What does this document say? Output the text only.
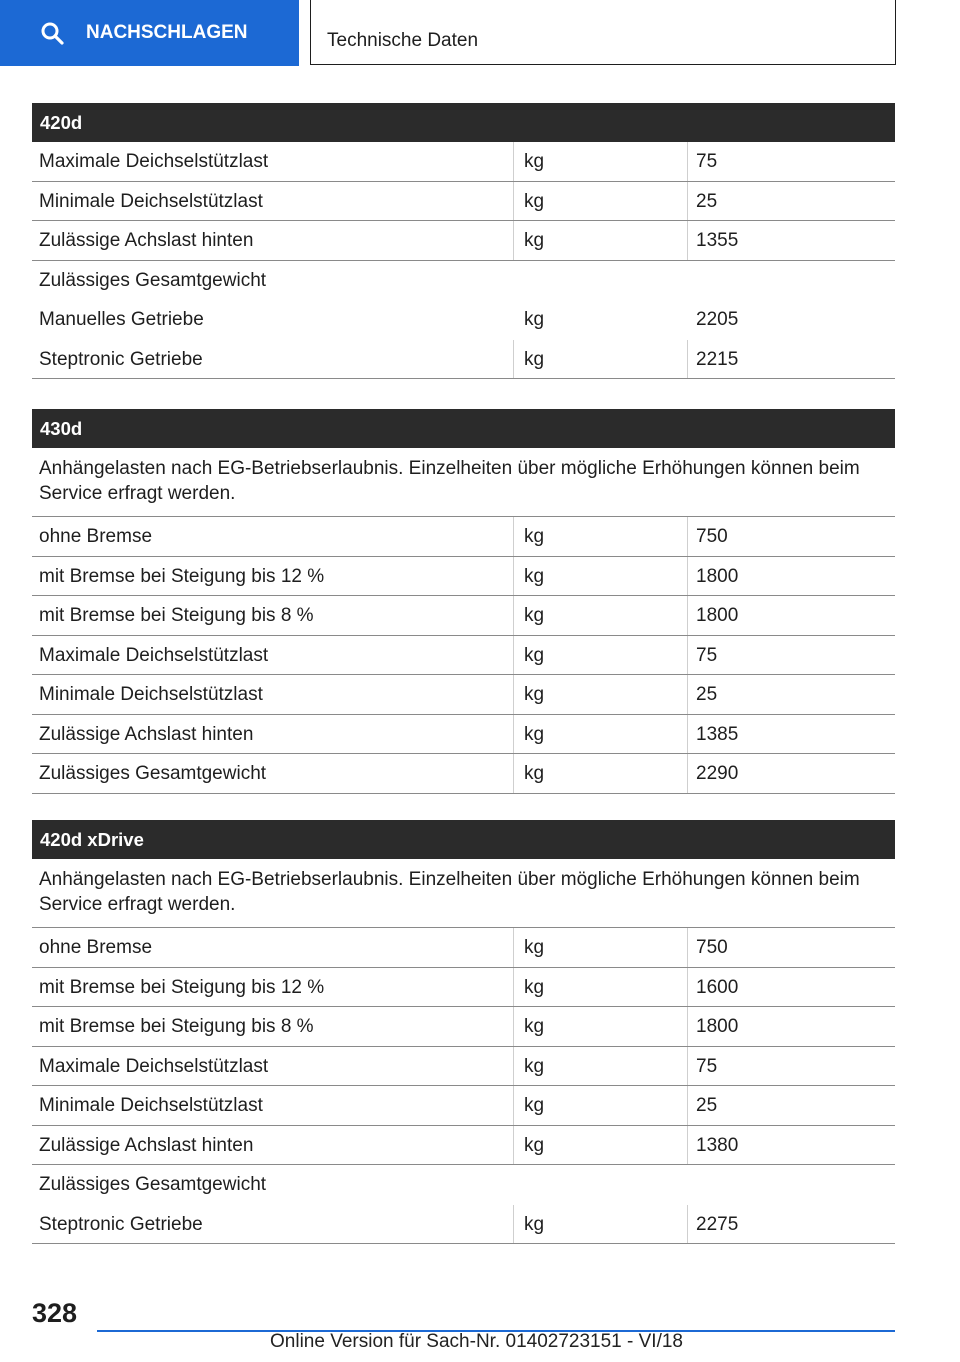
NACHSCHLAGEN	Technische Daten
420d
Maximale Deichselstützlast	kg	75
Minimale Deichselstützlast	kg	25
Zulässige Achslast hinten	kg	1355
Zulässiges Gesamtgewicht
Manuelles Getriebe	kg	2205
Steptronic Getriebe	kg	2215
430d
Anhängelasten nach EG-Betriebserlaubnis. Einzelheiten über mögliche Erhöhungen können beim Service erfragt werden.
ohne Bremse	kg	750
mit Bremse bei Steigung bis 12 %	kg	1800
mit Bremse bei Steigung bis 8 %	kg	1800
Maximale Deichselstützlast	kg	75
Minimale Deichselstützlast	kg	25
Zulässige Achslast hinten	kg	1385
Zulässiges Gesamtgewicht	kg	2290
420d xDrive
Anhängelasten nach EG-Betriebserlaubnis. Einzelheiten über mögliche Erhöhungen können beim Service erfragt werden.
ohne Bremse	kg	750
mit Bremse bei Steigung bis 12 %	kg	1600
mit Bremse bei Steigung bis 8 %	kg	1800
Maximale Deichselstützlast	kg	75
Minimale Deichselstützlast	kg	25
Zulässige Achslast hinten	kg	1380
Zulässiges Gesamtgewicht
Steptronic Getriebe	kg	2275
328
Online Version für Sach-Nr. 01402723151 - VI/18
